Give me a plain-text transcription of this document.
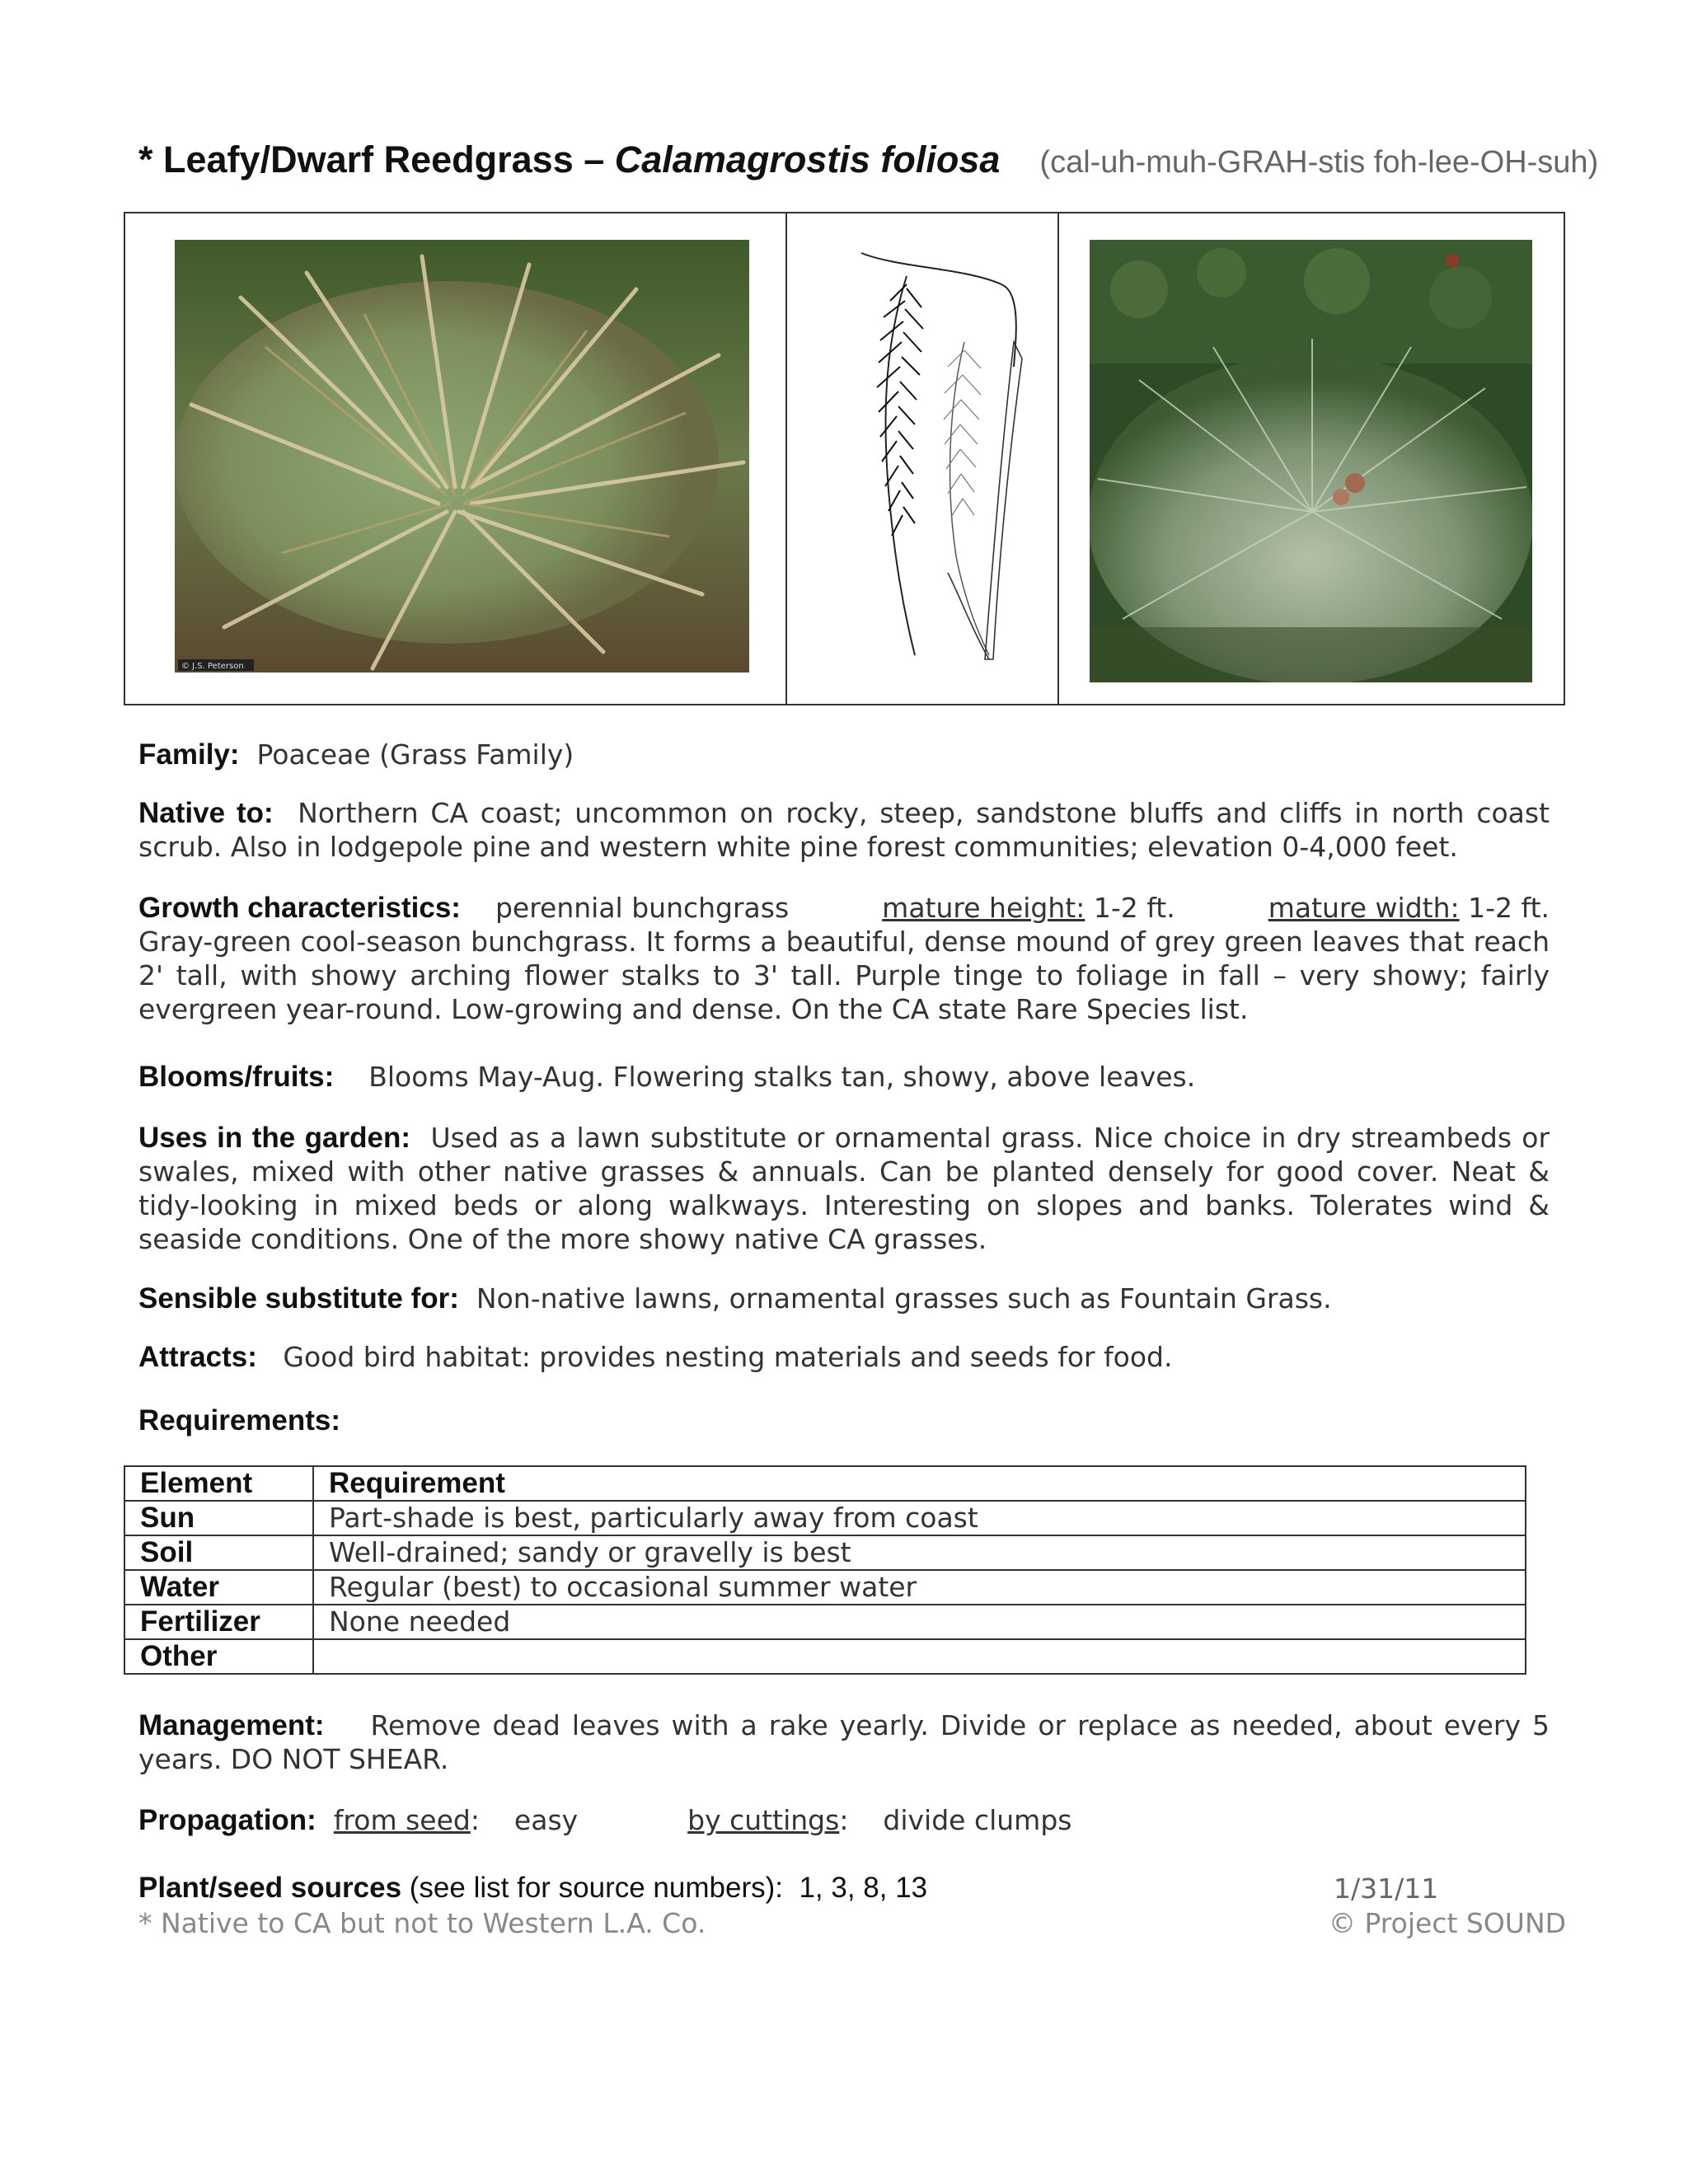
* Leafy/Dwarf Reedgrass – Calamagrostis foliosa (cal-uh-muh-GRAH-stis foh-lee-OH-suh)
© J.S. Peterson
Family: Poaceae (Grass Family)
Native to: Northern CA coast; uncommon on rocky, steep, sandstone bluffs and cliffs in north coast scrub. Also in lodgepole pine and western white pine forest communities; elevation 0-4,000 feet.
Growth characteristics: perennial bunchgrass	mature height: 1-2 ft.	mature width: 1-2 ft.
Gray-green cool-season bunchgrass. It forms a beautiful, dense mound of grey green leaves that reach 2' tall, with showy arching flower stalks to 3' tall. Purple tinge to foliage in fall – very showy; fairly evergreen year-round. Low-growing and dense. On the CA state Rare Species list.
Blooms/fruits: Blooms May-Aug. Flowering stalks tan, showy, above leaves.
Uses in the garden: Used as a lawn substitute or ornamental grass. Nice choice in dry streambeds or swales, mixed with other native grasses & annuals. Can be planted densely for good cover. Neat & tidy-looking in mixed beds or along walkways. Interesting on slopes and banks. Tolerates wind & seaside conditions. One of the more showy native CA grasses.
Sensible substitute for: Non-native lawns, ornamental grasses such as Fountain Grass.
Attracts: Good bird habitat: provides nesting materials and seeds for food.
Requirements:
Element	Requirement
Sun	Part-shade is best, particularly away from coast
Soil	Well-drained; sandy or gravelly is best
Water	Regular (best) to occasional summer water
Fertilizer	None needed
Other	
Management: Remove dead leaves with a rake yearly. Divide or replace as needed, about every 5 years. DO NOT SHEAR.
Propagation: from seed:    easy	by cuttings:    divide clumps
Plant/seed sources (see list for source numbers): 1, 3, 8, 13	1/31/11
* Native to CA but not to Western L.A. Co.	© Project SOUND
